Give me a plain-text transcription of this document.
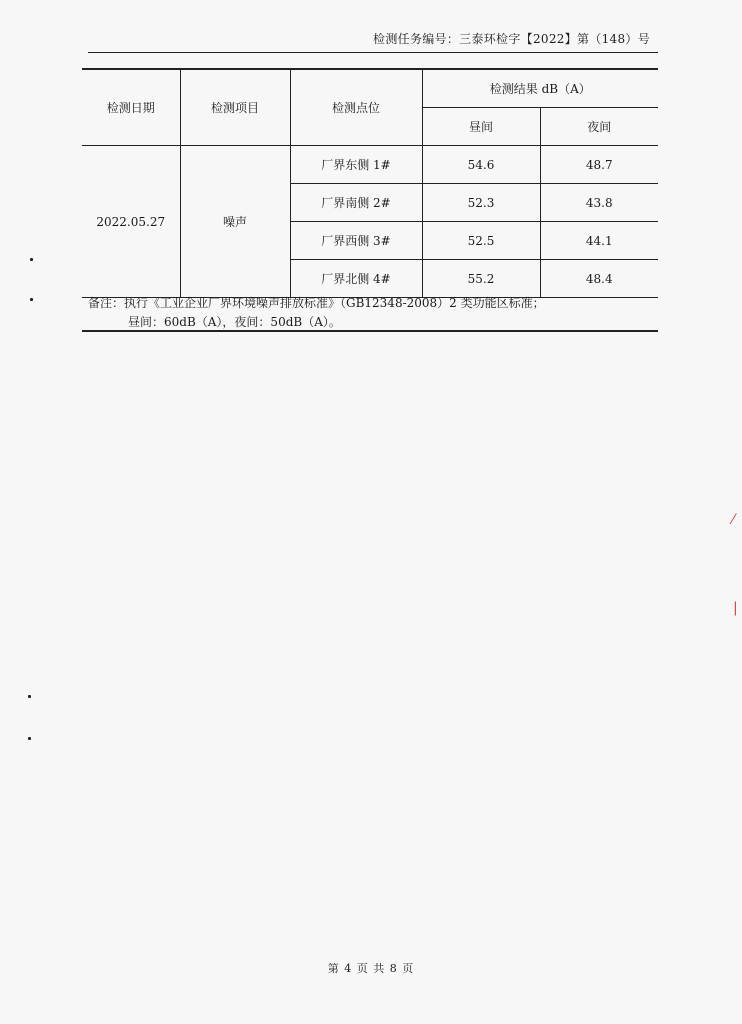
检测任务编号：三泰环检字【2022】第（148）号
检测日期	检测项目	检测点位	检测结果 dB（A）	
			昼间	夜间
2022.05.27	噪声	厂界东侧 1#	54.6	48.7
		厂界南侧 2#	52.3	43.8
		厂界西侧 3#	52.5	44.1
		厂界北侧 4#	55.2	48.4
备注：执行《工业企业厂界环境噪声排放标准》（GB12348-2008）2 类功能区标准；
昼间：60dB（A），夜间：50dB（A）。
第 4 页 共 8 页
⁄
|
